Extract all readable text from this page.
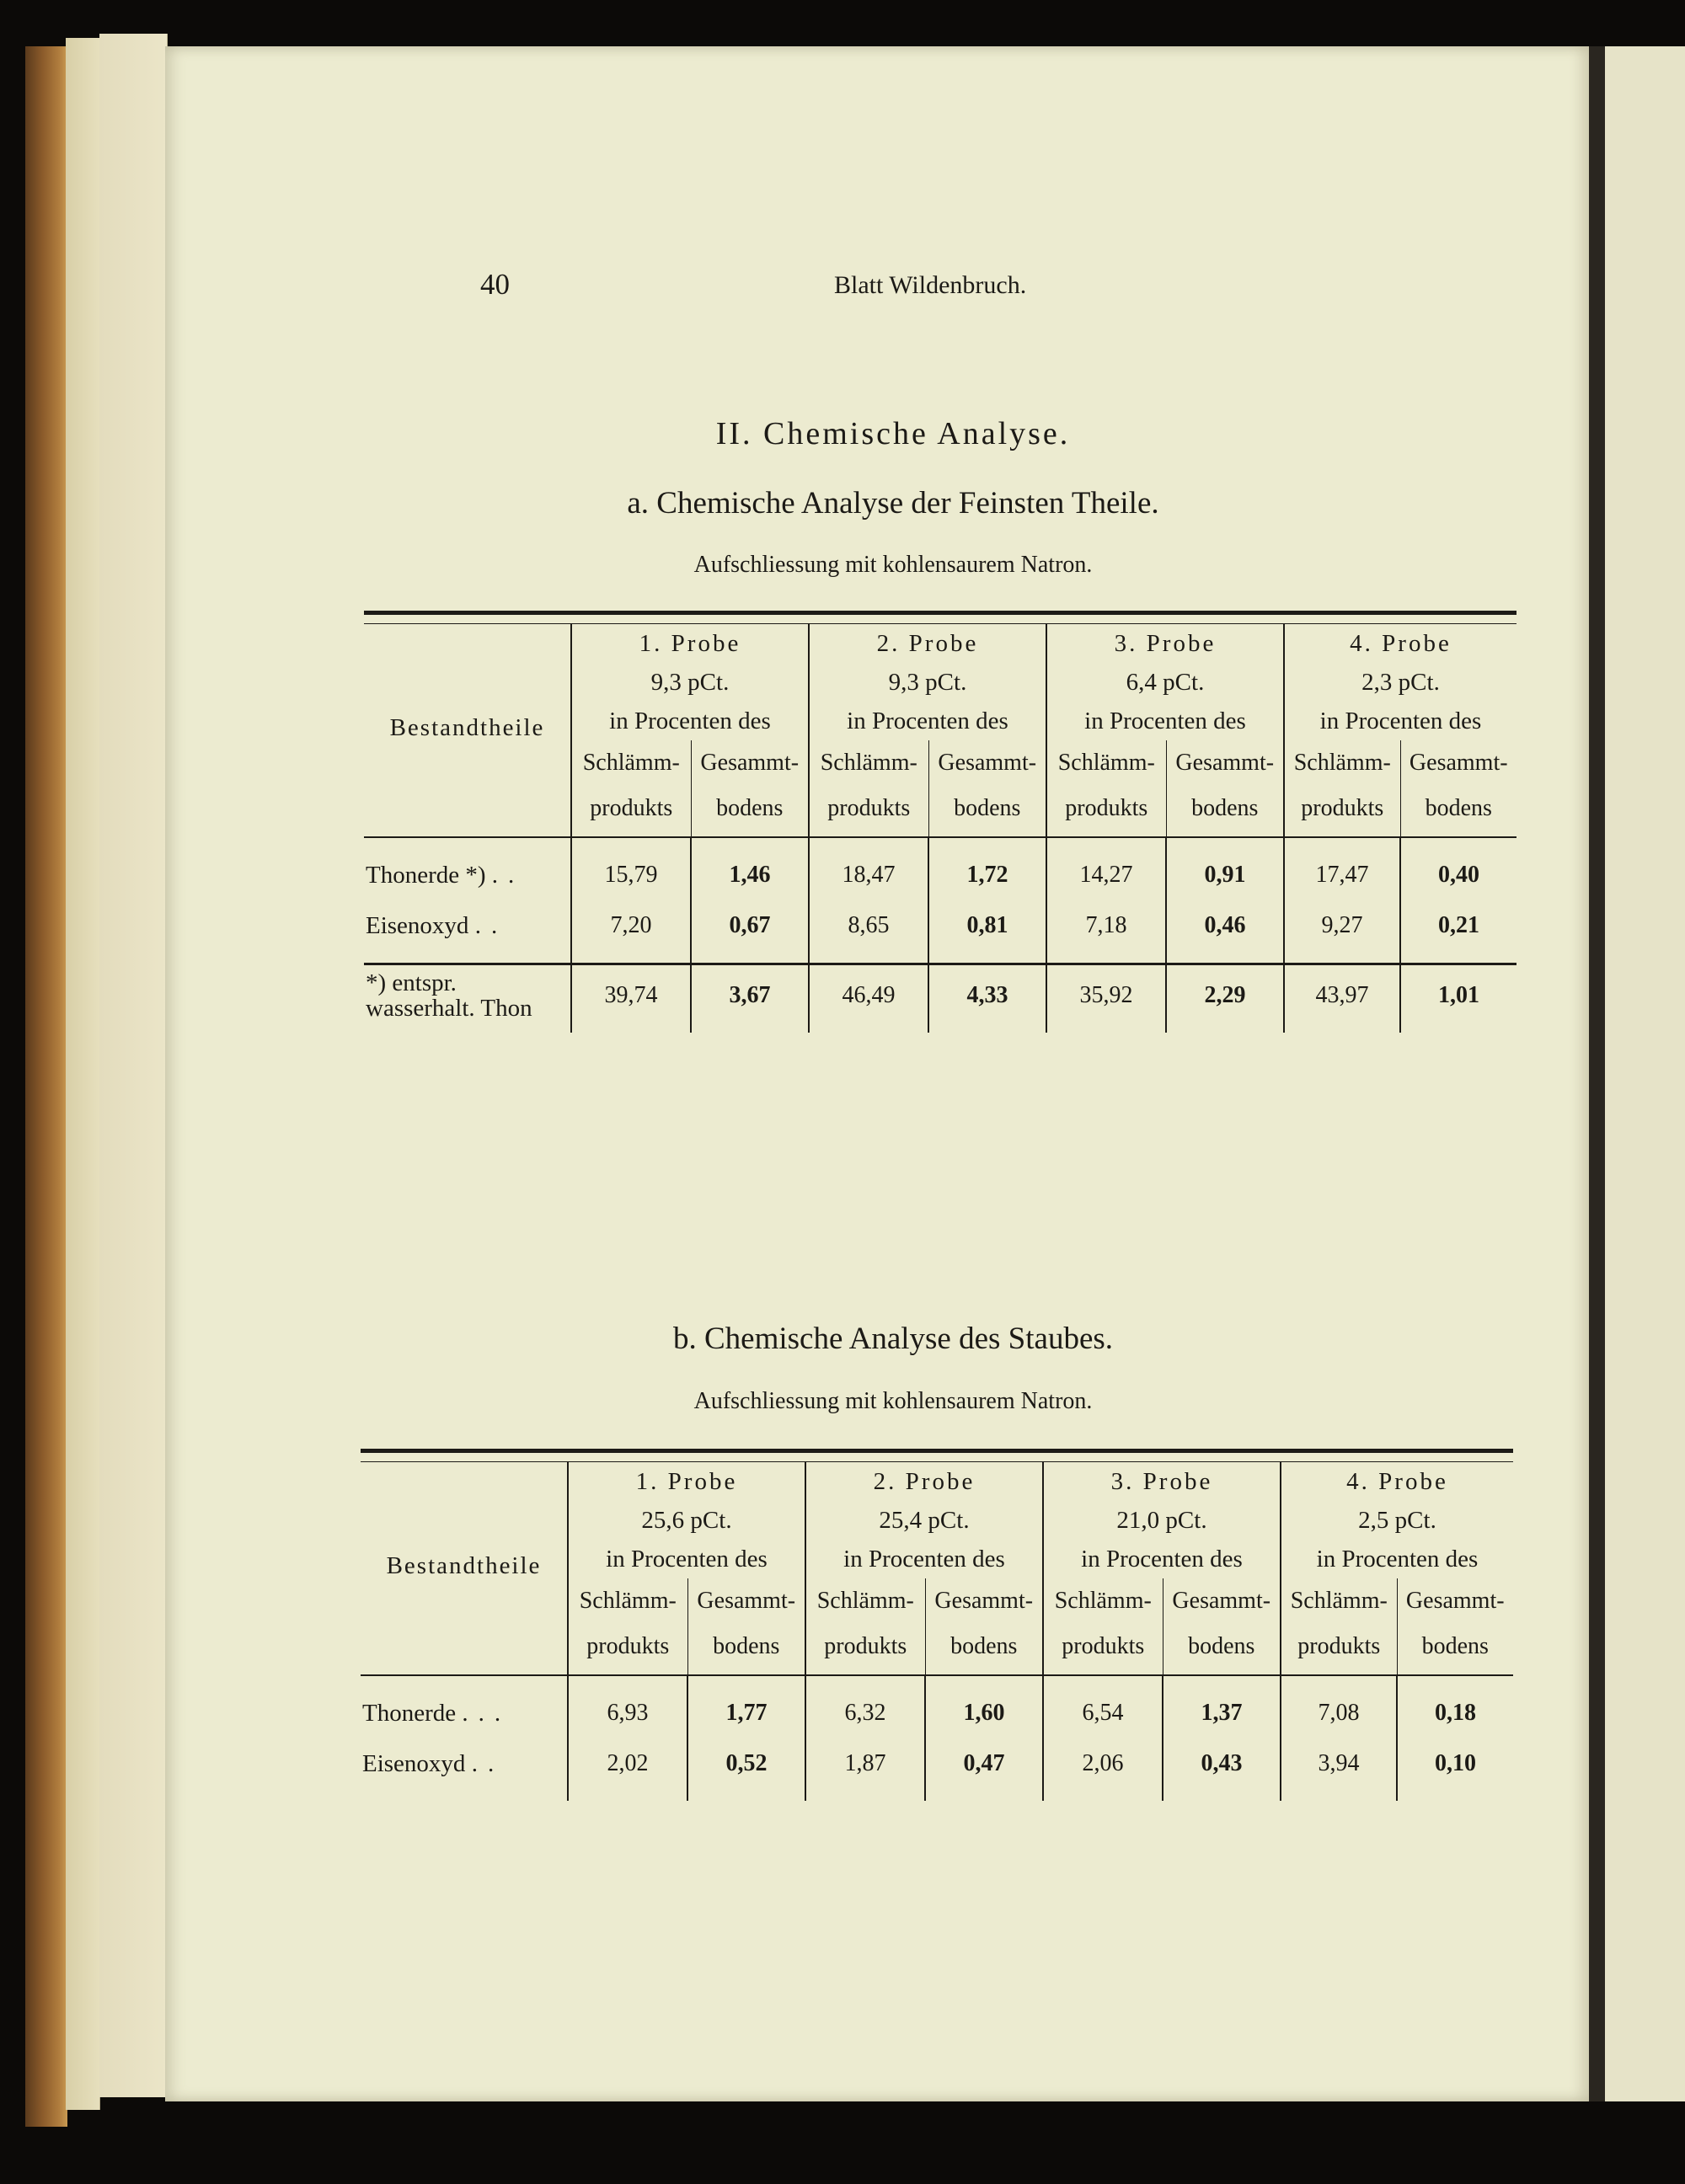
40	Blatt Wildenbruch.
II. Chemische Analyse.
a. Chemische Analyse der Feinsten Theile.
Aufschliessung mit kohlensaurem Natron.

Bestandtheile	1. Probe		2. Probe		3. Probe		4. Probe	
	9,3 pCt.		9,3 pCt.		6,4 pCt.		2,3 pCt.	
	in Procenten des		in Procenten des		in Procenten des		in Procenten des	
	Schlämm-	Gesammt-	Schlämm-	Gesammt-	Schlämm-	Gesammt-	Schlämm-	Gesammt-
	produkts	bodens	produkts	bodens	produkts	bodens	produkts	bodens

Thonerde *) ..	15,79	1,46	18,47	1,72	14,27	0,91	17,47	0,40
Eisenoxyd ..	7,20	0,67	8,65	0,81	7,18	0,46	9,27	0,21

*) entspr.
wasserhalt. Thon	39,74	3,67	46,49	4,33	35,92	2,29	43,97	1,01

b. Chemische Analyse des Staubes.
Aufschliessung mit kohlensaurem Natron.

Bestandtheile	1. Probe		2. Probe		3. Probe		4. Probe	
	25,6 pCt.		25,4 pCt.		21,0 pCt.		2,5 pCt.	
	in Procenten des		in Procenten des		in Procenten des		in Procenten des	
	Schlämm-	Gesammt-	Schlämm-	Gesammt-	Schlämm-	Gesammt-	Schlämm-	Gesammt-
	produkts	bodens	produkts	bodens	produkts	bodens	produkts	bodens

Thonerde ...	6,93	1,77	6,32	1,60	6,54	1,37	7,08	0,18
Eisenoxyd ..	2,02	0,52	1,87	0,47	2,06	0,43	3,94	0,10
